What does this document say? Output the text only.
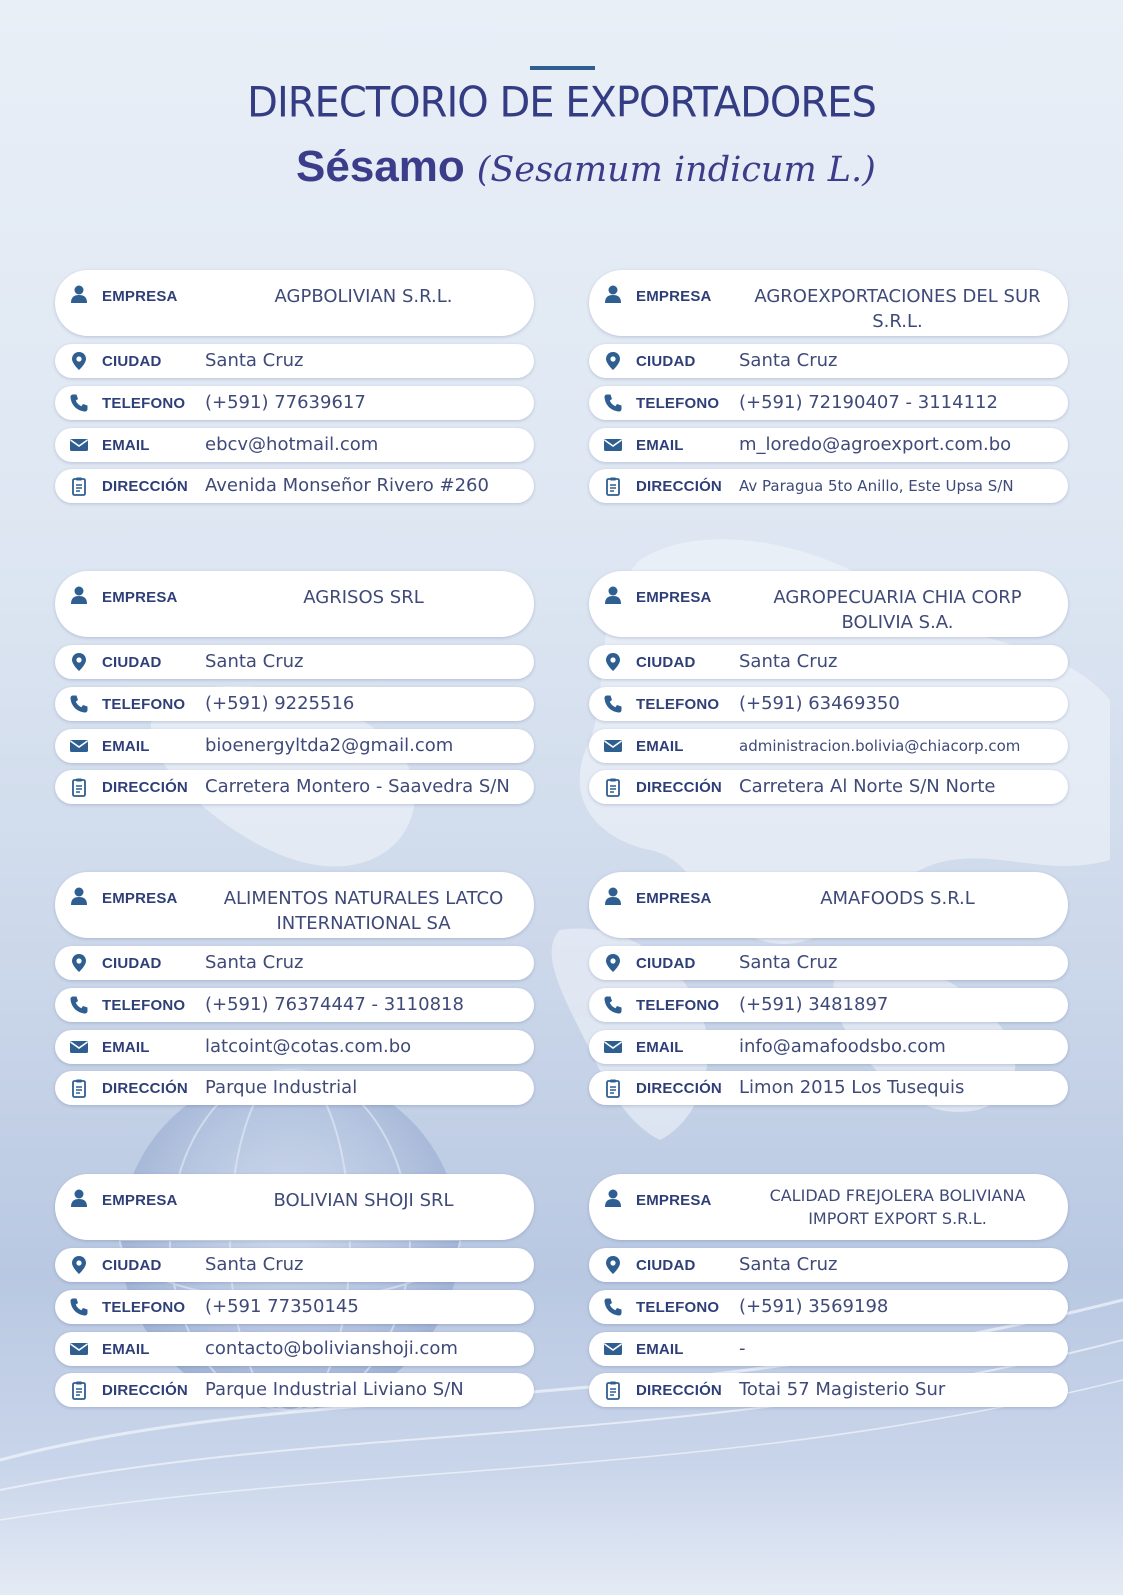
DIRECTORIO DE EXPORTADORES
Sésamo (Sesamum indicum L.)
EMPRESA	AGPBOLIVIAN S.R.L.
CIUDAD Santa Cruz
TELEFONO (+591) 77639617
EMAIL	ebcv@hotmail.com
DIRECCIÓN Avenida Monseñor Rivero #260
EMPRESA	AGROEXPORTACIONES DEL SUR S.R.L.
CIUDAD Santa Cruz
TELEFONO (+591) 72190407 - 3114112
EMAIL	m_loredo@agroexport.com.bo
DIRECCIÓN Av Paragua 5to Anillo, Este Upsa S/N
EMPRESA	AGRISOS SRL
CIUDAD Santa Cruz
TELEFONO (+591) 9225516
EMAIL	bioenergyltda2@gmail.com
DIRECCIÓN Carretera Montero - Saavedra S/N
EMPRESA	AGROPECUARIA CHIA CORP BOLIVIA S.A.
CIUDAD Santa Cruz
TELEFONO (+591) 63469350
EMAIL	administracion.bolivia@chiacorp.com
DIRECCIÓN Carretera Al Norte S/N Norte
EMPRESA	ALIMENTOS NATURALES LATCO INTERNATIONAL SA
CIUDAD Santa Cruz
TELEFONO (+591) 76374447 - 3110818
EMAIL	latcoint@cotas.com.bo
DIRECCIÓN Parque Industrial
EMPRESA	AMAFOODS S.R.L
CIUDAD Santa Cruz
TELEFONO (+591) 3481897
EMAIL	info@amafoodsbo.com
DIRECCIÓN Limon 2015 Los Tusequis
EMPRESA	BOLIVIAN SHOJI SRL
CIUDAD Santa Cruz
TELEFONO (+591 77350145
EMAIL	contacto@bolivianshoji.com
DIRECCIÓN Parque Industrial Liviano S/N
EMPRESA	CALIDAD FREJOLERA BOLIVIANA IMPORT EXPORT S.R.L.
CIUDAD Santa Cruz
TELEFONO (+591) 3569198
EMAIL	-
DIRECCIÓN Totai 57 Magisterio Sur
